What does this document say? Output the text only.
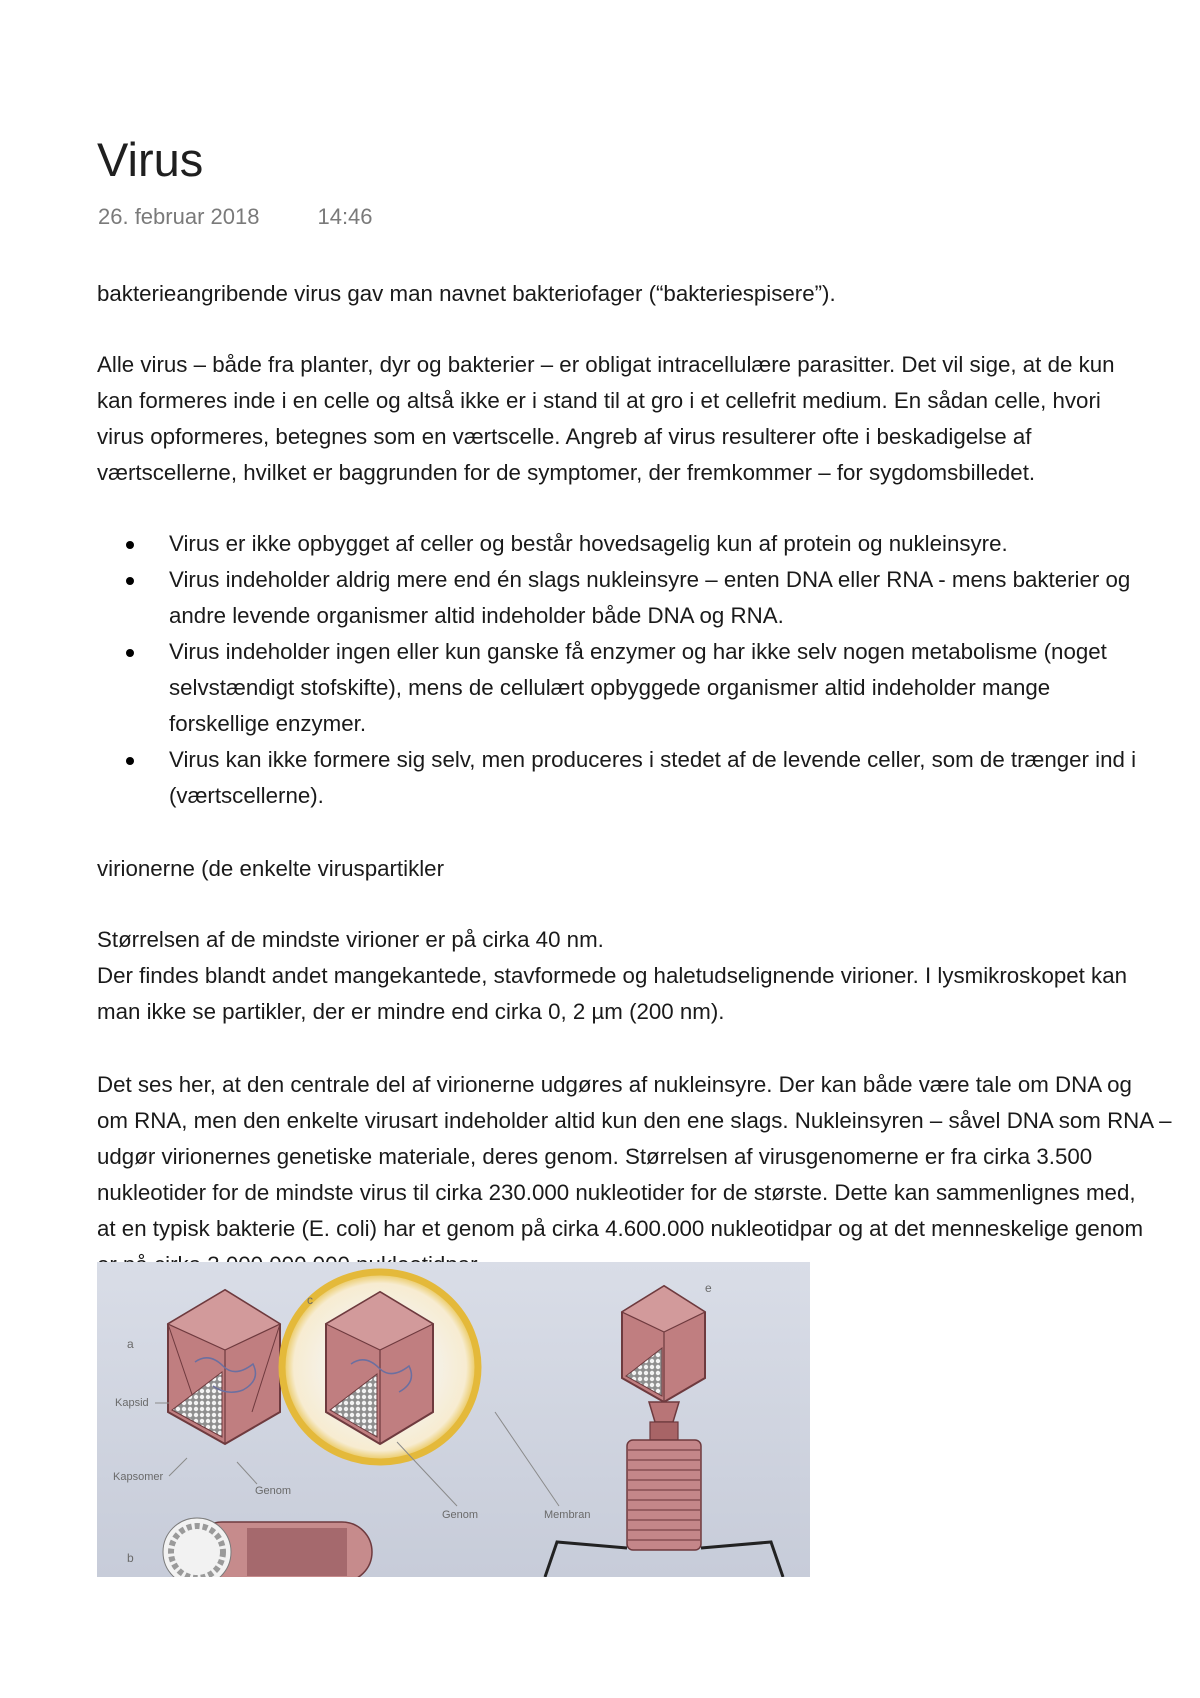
Virus
26. februar 2018	14:46
bakterieangribende virus gav man navnet bakteriofager (“bakteriespisere”).
Alle virus – både fra planter, dyr og bakterier – er obligat intracellulære parasitter. Det vil sige, at de kun
kan formeres inde i en celle og altså ikke er i stand til at gro i et cellefrit medium. En sådan celle, hvori
virus opformeres, betegnes som en værtscelle. Angreb af virus resulterer ofte i beskadigelse af
værtscellerne, hvilket er baggrunden for de symptomer, der fremkommer – for sygdomsbilledet.
Virus er ikke opbygget af celler og består hovedsagelig kun af protein og nukleinsyre.
Virus indeholder aldrig mere end én slags nukleinsyre – enten DNA eller RNA - mens bakterier og
andre levende organismer altid indeholder både DNA og RNA.
Virus indeholder ingen eller kun ganske få enzymer og har ikke selv nogen metabolisme (noget
selvstændigt stofskifte), mens de cellulært opbyggede organismer altid indeholder mange
forskellige enzymer.
Virus kan ikke formere sig selv, men produceres i stedet af de levende celler, som de trænger ind i
(værtscellerne).
virionerne (de enkelte viruspartikler
Størrelsen af de mindste virioner er på cirka 40 nm.
Der findes blandt andet mangekantede, stavformede og haletudselignende virioner. I lysmikroskopet kan
man ikke se partikler, der er mindre end cirka 0, 2 µm (200 nm).
Det ses her, at den centrale del af virionerne udgøres af nukleinsyre. Der kan både være tale om DNA og
om RNA, men den enkelte virusart indeholder altid kun den ene slags. Nukleinsyren – såvel DNA som RNA –
udgør virionernes genetiske materiale, deres genom. Størrelsen af virusgenomerne er fra cirka 3.500
nukleotider for de mindste virus til cirka 230.000 nukleotider for de største. Dette kan sammenlignes med,
at en typisk bakterie (E. coli) har et genom på cirka 4.600.000 nukleotidpar og at det menneskelige genom
a
Kapsid
Kapsomer
Genom
b
c
Genom	Membran
e
